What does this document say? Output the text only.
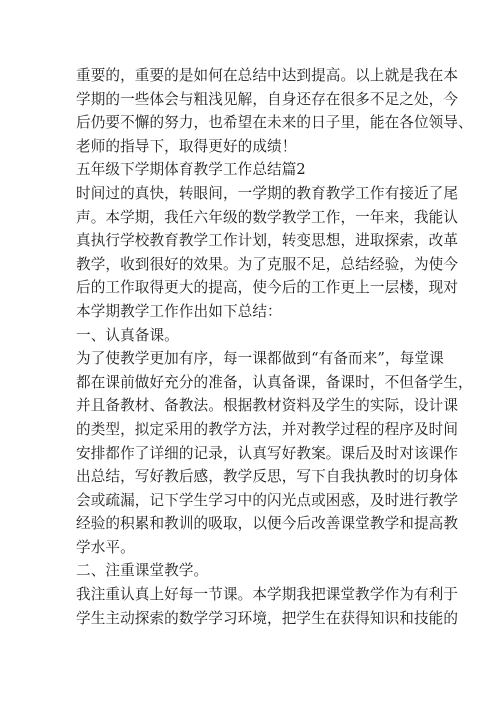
重要的，重要的是如何在总结中达到提高。以上就是我在本
学期的一些体会与粗浅见解，自身还存在很多不足之处，今
后仍要不懈的努力，也希望在未来的日子里，能在各位领导、
老师的指导下，取得更好的成绩！
五年级下学期体育教学工作总结篇2
时间过的真快，转眼间，一学期的教育教学工作有接近了尾
声。本学期，我任六年级的数学教学工作，一年来，我能认
真执行学校教育教学工作计划，转变思想，进取探索，改革
教学，收到很好的效果。为了克服不足，总结经验，为使今
后的工作取得更大的提高，使今后的工作更上一层楼，现对
本学期教学工作作出如下总结：
一、认真备课。
为了使教学更加有序，每一课都做到“有备而来”，每堂课
都在课前做好充分的准备，认真备课，备课时，不但备学生，
并且备教材、备教法。根据教材资料及学生的实际，设计课
的类型，拟定采用的教学方法，并对教学过程的程序及时间
安排都作了详细的记录，认真写好教案。课后及时对该课作
出总结，写好教后感，教学反思，写下自我执教时的切身体
会或疏漏，记下学生学习中的闪光点或困惑，及时进行教学
经验的积累和教训的吸取，以便今后改善课堂教学和提高教
学水平。
二、注重课堂教学。
我注重认真上好每一节课。本学期我把课堂教学作为有利于
学生主动探索的数学学习环境，把学生在获得知识和技能的
